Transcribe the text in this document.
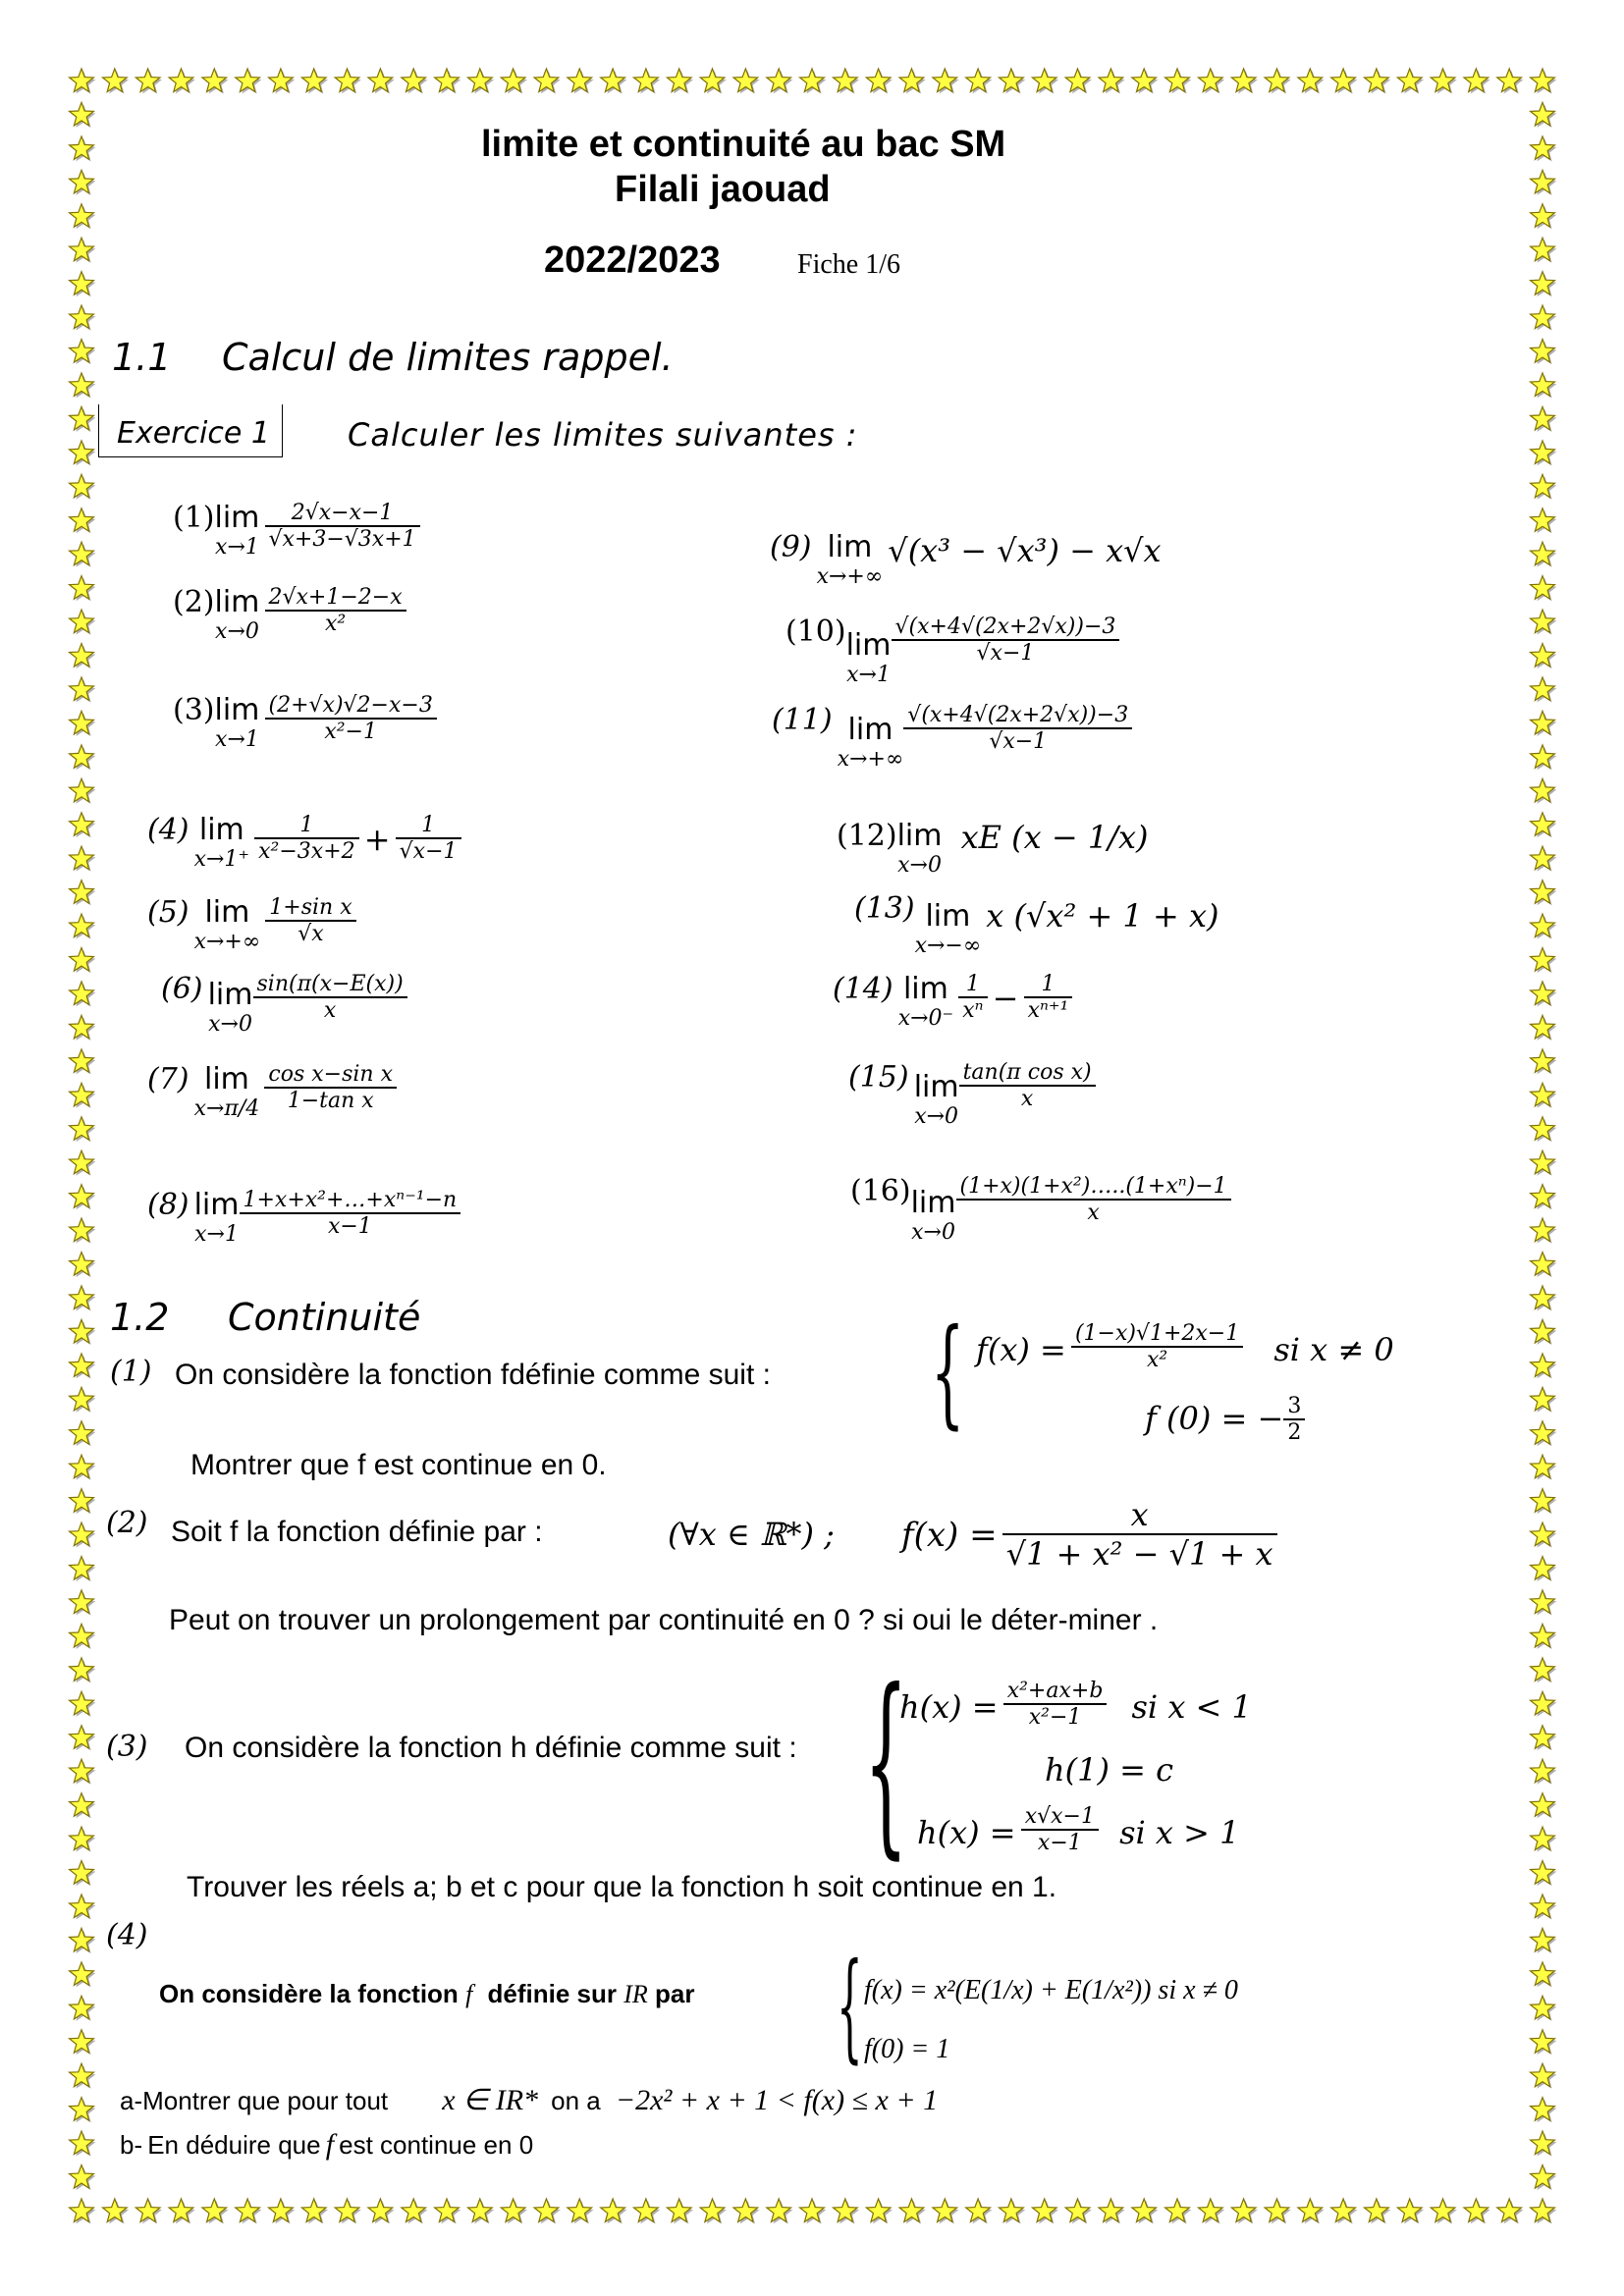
limite et continuité au bac SM
Filali jaouad
2022/2023	Fiche 1/6
1.1 Calcul de limites rappel.
Exercice 1	Calculer les limites suivantes :
(1)lim
x→1
$\frac{2√x-x-1}{√x+3-√3x+1}$
(2)lim
x→0
$\frac{2√x+1-2-x}{\text{x²}}$
(3)lim
x→1
$\frac{(2+√x)√2-x-3}{\text{x²−1}}$
(4) lim
x→1⁺
$\frac{1}{\text{x²−3x+2}} + \frac{1}{√x-1}$
(5) lim
x→+∞
$\frac{\text{1+sin x}}{√x}$
(6) lim
x→0
$\frac{\sin(\pi(x-E(x))}{x}$
(7) lim
x→π/4
$\frac{\text{cos x−sin x}}{\text{1−tan x}}$
(8) lim
$x\to 1 \frac{\text{1+x+x²+…+xⁿ⁻¹−n}}{x-1}$
(9) lim
x→+∞
√(x³ − √x³) − x√x
(10)lim
x→1
$\frac{√(x+4√(2x+2√x))-3}{√x-1}$
(11) lim
x→+∞
$\frac{√(x+4√(2x+2√x))-3}{√x-1}$
(12)lim
x→0
xE (x − 1/x)
(13) lim
x→−∞
x (√x² + 1 + x)
(14) lim
x→0⁻
$\frac{1}{\text{xⁿ}} - \frac{1}{\text{xⁿ⁺¹}}$
(15) lim
x→0
$\frac{\text{tan(π cos x)}}{x}$
(16)lim
x→0
$\frac{\text{(1+x)(1+x²)…..(1+xⁿ)−1}}{x}$
1.2 Continuité
(1) On considère la fonction fdéfinie comme suit : { $f(x) = \frac{(1-x)√1+2x-1}{\text{x²}}$ si x ≠ 0
f (0) = − $\frac{3}{2}$
Montrer que f est continue en 0.
(2) Soit f la fonction définie par :	(∀x ∈ ℝ*) ; $f(x) = \frac{x}{\text{√1 + x² − √1 + x}}$
Peut on trouver un prolongement par continuité en 0 ? si oui le déter-miner .
(3) On considère la fonction h définie comme suit : {
$h(x) = \frac{\text{x²+ax+b}}{\text{x²−1}}$ si x < 1
h(1) = c
$h(x) = \frac{x√x-1}{x-1}$ si x > 1
Trouver les réels a; b et c pour que la fonction h soit continue en 1.
(4)
On considère la fonction f définie sur IR par { f(x) = x²(E(1/x) + E(1/x²)) si x ≠ 0
f(0) = 1
a-Montrer que pour tout x ∈ IR* on a −2x² + x + 1 < f(x) ≤ x + 1
b- En déduire que f est continue en 0
